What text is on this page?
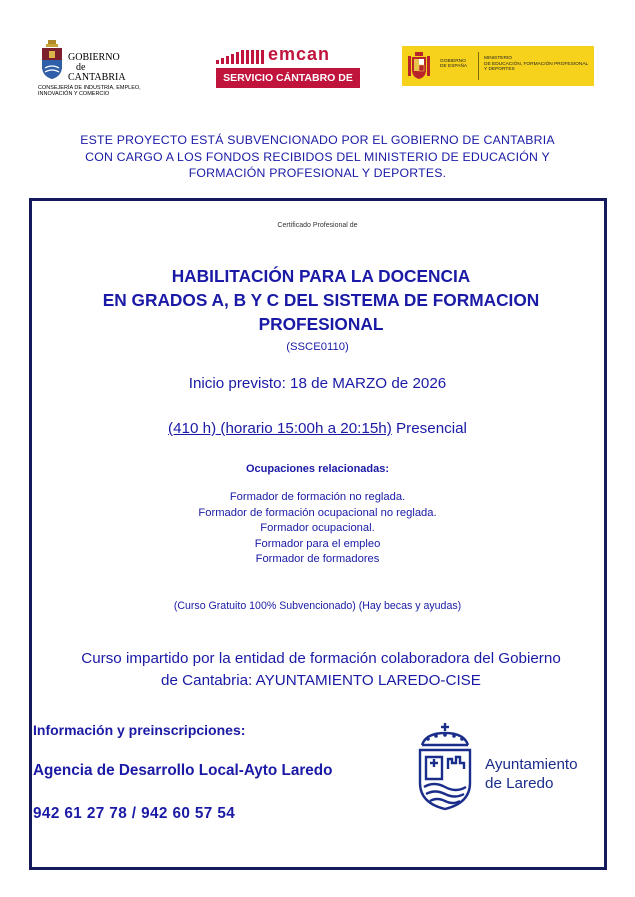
GOBIERNO
de
CANTABRIA
CONSEJERÍA DE INDUSTRIA, EMPLEO,
INNOVACIÓN Y COMERCIO
emcan
SERVICIO CÁNTABRO DE EMPLEO
GOBIERNO
DE ESPAÑA
MINISTERIO
DE EDUCACIÓN, FORMACIÓN PROFESIONAL
Y DEPORTES
ESTE PROYECTO ESTÁ SUBVENCIONADO POR EL GOBIERNO DE CANTABRIA
CON CARGO A LOS FONDOS RECIBIDOS DEL MINISTERIO DE EDUCACIÓN Y
FORMACIÓN PROFESIONAL Y DEPORTES.
Certificado Profesional de
HABILITACIÓN PARA LA DOCENCIA
EN GRADOS A, B Y C DEL SISTEMA DE FORMACION
PROFESIONAL
(SSCE0110)
Inicio previsto: 18 de MARZO de 2026
(410 h) (horario 15:00h a 20:15h) Presencial
Ocupaciones relacionadas:
Formador de formación no reglada.
Formador de formación ocupacional no reglada.
Formador ocupacional.
Formador para el empleo
Formador de formadores
(Curso Gratuito 100% Subvencionado) (Hay becas y ayudas)
Curso impartido por la entidad de formación colaboradora del Gobierno
de Cantabria: AYUNTAMIENTO LAREDO-CISE
Información y preinscripciones:
Agencia de Desarrollo Local-Ayto Laredo
942 61 27 78 / 942 60 57 54
Ayuntamiento
de Laredo
